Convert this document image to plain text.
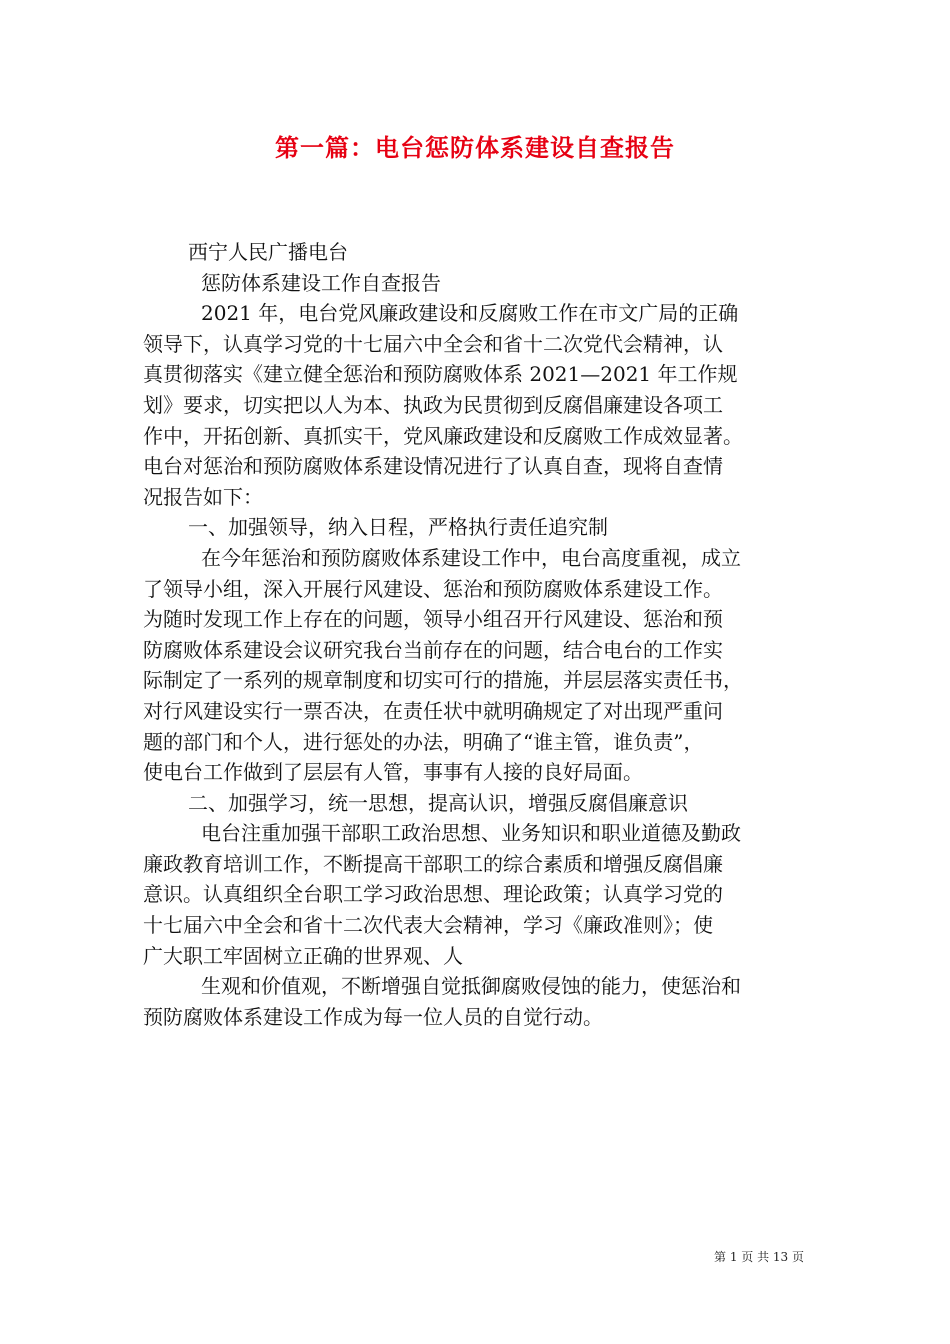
第一篇：电台惩防体系建设自查报告
西宁人民广播电台
惩防体系建设工作自查报告
2021 年，电台党风廉政建设和反腐败工作在市文广局的正确
领导下，认真学习党的十七届六中全会和省十二次党代会精神，认
真贯彻落实《建立健全惩治和预防腐败体系 2021—2021 年工作规
划》要求，切实把以人为本、执政为民贯彻到反腐倡廉建设各项工
作中，开拓创新、真抓实干，党风廉政建设和反腐败工作成效显著。
电台对惩治和预防腐败体系建设情况进行了认真自查，现将自查情
况报告如下：
一、加强领导，纳入日程，严格执行责任追究制
在今年惩治和预防腐败体系建设工作中，电台高度重视，成立
了领导小组，深入开展行风建设、惩治和预防腐败体系建设工作。
为随时发现工作上存在的问题，领导小组召开行风建设、惩治和预
防腐败体系建设会议研究我台当前存在的问题，结合电台的工作实
际制定了一系列的规章制度和切实可行的措施，并层层落实责任书，
对行风建设实行一票否决，在责任状中就明确规定了对出现严重问
题的部门和个人，进行惩处的办法，明确了“谁主管，谁负责”，
使电台工作做到了层层有人管，事事有人接的良好局面。
二、加强学习，统一思想，提高认识，增强反腐倡廉意识
电台注重加强干部职工政治思想、业务知识和职业道德及勤政
廉政教育培训工作，不断提高干部职工的综合素质和增强反腐倡廉
意识。认真组织全台职工学习政治思想、理论政策；认真学习党的
十七届六中全会和省十二次代表大会精神，学习《廉政准则》；使
广大职工牢固树立正确的世界观、人
生观和价值观，不断增强自觉抵御腐败侵蚀的能力，使惩治和
预防腐败体系建设工作成为每一位人员的自觉行动。
第 1 页 共 13 页
